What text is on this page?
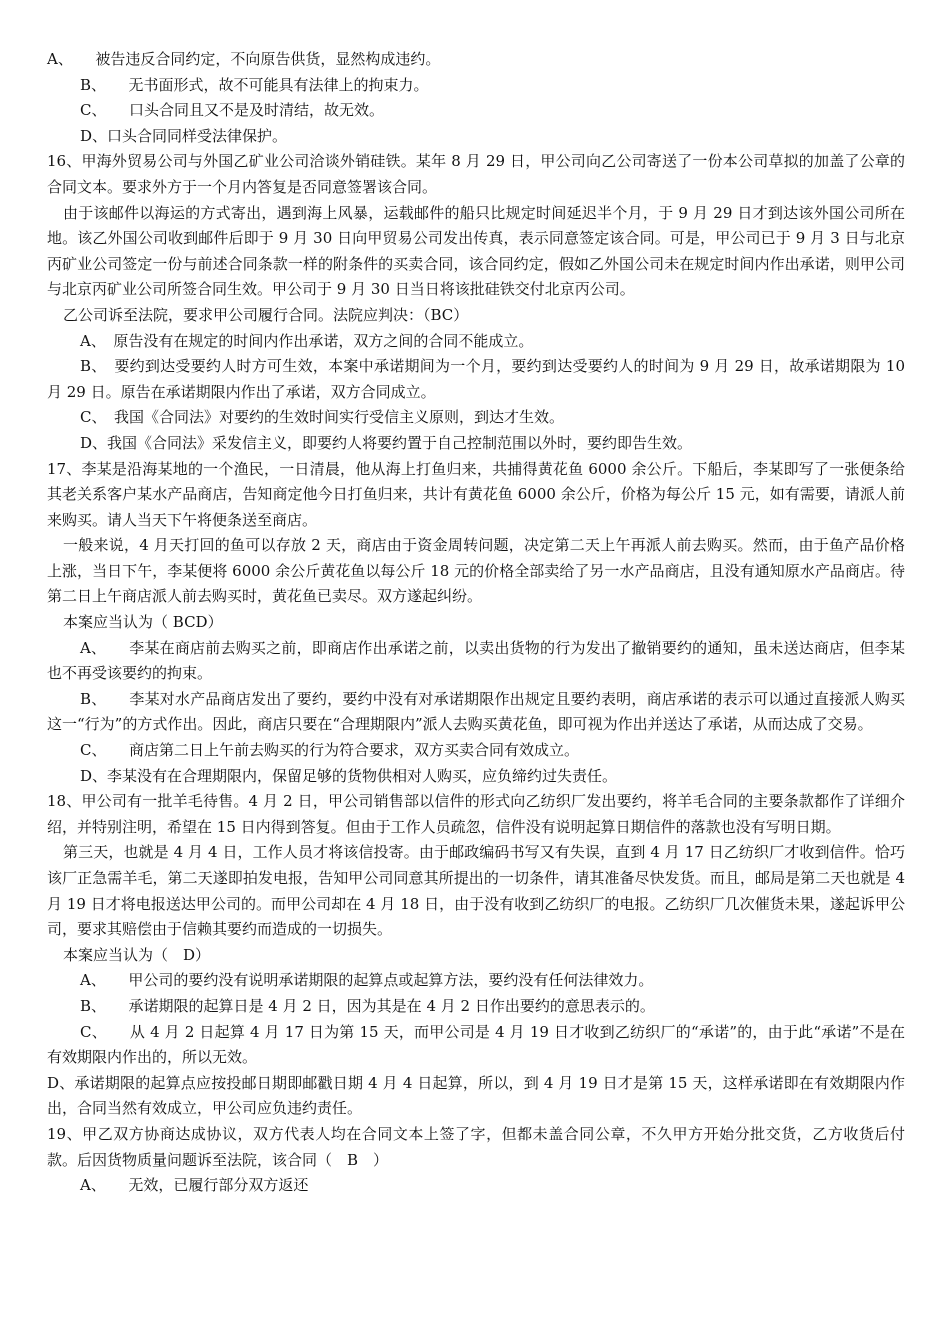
A、　　被告违反合同约定，不向原告供货，显然构成违约。
B、　　无书面形式，故不可能具有法律上的拘束力。
C、　　口头合同且又不是及时清结，故无效。
D、口头合同同样受法律保护。
16、甲海外贸易公司与外国乙矿业公司洽谈外销硅铁。某年 8 月 29 日，甲公司向乙公司寄送了一份本公司草拟的加盖了公章的合同文本。要求外方于一个月内答复是否同意签署该合同。
由于该邮件以海运的方式寄出，遇到海上风暴，运载邮件的船只比规定时间延迟半个月，于 9 月 29 日才到达该外国公司所在地。该乙外国公司收到邮件后即于 9 月 30 日向甲贸易公司发出传真，表示同意签定该合同。可是，甲公司已于 9 月 3 日与北京丙矿业公司签定一份与前述合同条款一样的附条件的买卖合同，该合同约定，假如乙外国公司未在规定时间内作出承诺，则甲公司与北京丙矿业公司所签合同生效。甲公司于 9 月 30 日当日将该批硅铁交付北京丙公司。
乙公司诉至法院，要求甲公司履行合同。法院应判决：（BC）
A、　原告没有在规定的时间内作出承诺，双方之间的合同不能成立。
B、　要约到达受要约人时方可生效，本案中承诺期间为一个月，要约到达受要约人的时间为 9 月 29 日，故承诺期限为 10 月 29 日。原告在承诺期限内作出了承诺，双方合同成立。
C、　我国《合同法》对要约的生效时间实行受信主义原则，到达才生效。
D、我国《合同法》采发信主义，即要约人将要约置于自己控制范围以外时，要约即告生效。
17、李某是沿海某地的一个渔民，一日清晨，他从海上打鱼归来，共捕得黄花鱼 6000 余公斤。下船后，李某即写了一张便条给其老关系客户某水产品商店，告知商定他今日打鱼归来，共计有黄花鱼 6000 余公斤，价格为每公斤 15 元，如有需要，请派人前来购买。请人当天下午将便条送至商店。
一般来说，4 月天打回的鱼可以存放 2 天，商店由于资金周转问题，决定第二天上午再派人前去购买。然而，由于鱼产品价格上涨，当日下午，李某便将 6000 余公斤黄花鱼以每公斤 18 元的价格全部卖给了另一水产品商店，且没有通知原水产品商店。待第二日上午商店派人前去购买时，黄花鱼已卖尽。双方遂起纠纷。
本案应当认为（ BCD）
A、　　李某在商店前去购买之前，即商店作出承诺之前，以卖出货物的行为发出了撤销要约的通知，虽未送达商店，但李某也不再受该要约的拘束。
B、　　李某对水产品商店发出了要约，要约中没有对承诺期限作出规定且要约表明，商店承诺的表示可以通过直接派人购买这一“行为”的方式作出。因此，商店只要在“合理期限内”派人去购买黄花鱼，即可视为作出并送达了承诺，从而达成了交易。
C、　　商店第二日上午前去购买的行为符合要求，双方买卖合同有效成立。
D、李某没有在合理期限内，保留足够的货物供相对人购买，应负缔约过失责任。
18、甲公司有一批羊毛待售。4 月 2 日，甲公司销售部以信件的形式向乙纺织厂发出要约，将羊毛合同的主要条款都作了详细介绍，并特别注明，希望在 15 日内得到答复。但由于工作人员疏忽，信件没有说明起算日期信件的落款也没有写明日期。
第三天，也就是 4 月 4 日，工作人员才将该信投寄。由于邮政编码书写又有失误，直到 4 月 17 日乙纺织厂才收到信件。恰巧该厂正急需羊毛，第二天遂即拍发电报，告知甲公司同意其所提出的一切条件，请其准备尽快发货。而且，邮局是第二天也就是 4 月 19 日才将电报送达甲公司的。而甲公司却在 4 月 18 日，由于没有收到乙纺织厂的电报。乙纺织厂几次催货未果，遂起诉甲公司，要求其赔偿由于信赖其要约而造成的一切损失。
本案应当认为（　D）
A、　　甲公司的要约没有说明承诺期限的起算点或起算方法，要约没有任何法律效力。
B、　　承诺期限的起算日是 4 月 2 日，因为其是在 4 月 2 日作出要约的意思表示的。
C、　　从 4 月 2 日起算 4 月 17 日为第 15 天，而甲公司是 4 月 19 日才收到乙纺织厂的“承诺”的，由于此“承诺”不是在有效期限内作出的，所以无效。
D、承诺期限的起算点应按投邮日期即邮戳日期 4 月 4 日起算，所以，到 4 月 19 日才是第 15 天，这样承诺即在有效期限内作出，合同当然有效成立，甲公司应负违约责任。
19、甲乙双方协商达成协议，双方代表人均在合同文本上签了字，但都未盖合同公章，不久甲方开始分批交货，乙方收货后付款。后因货物质量问题诉至法院，该合同（　B　）
A、　　无效，已履行部分双方返还
